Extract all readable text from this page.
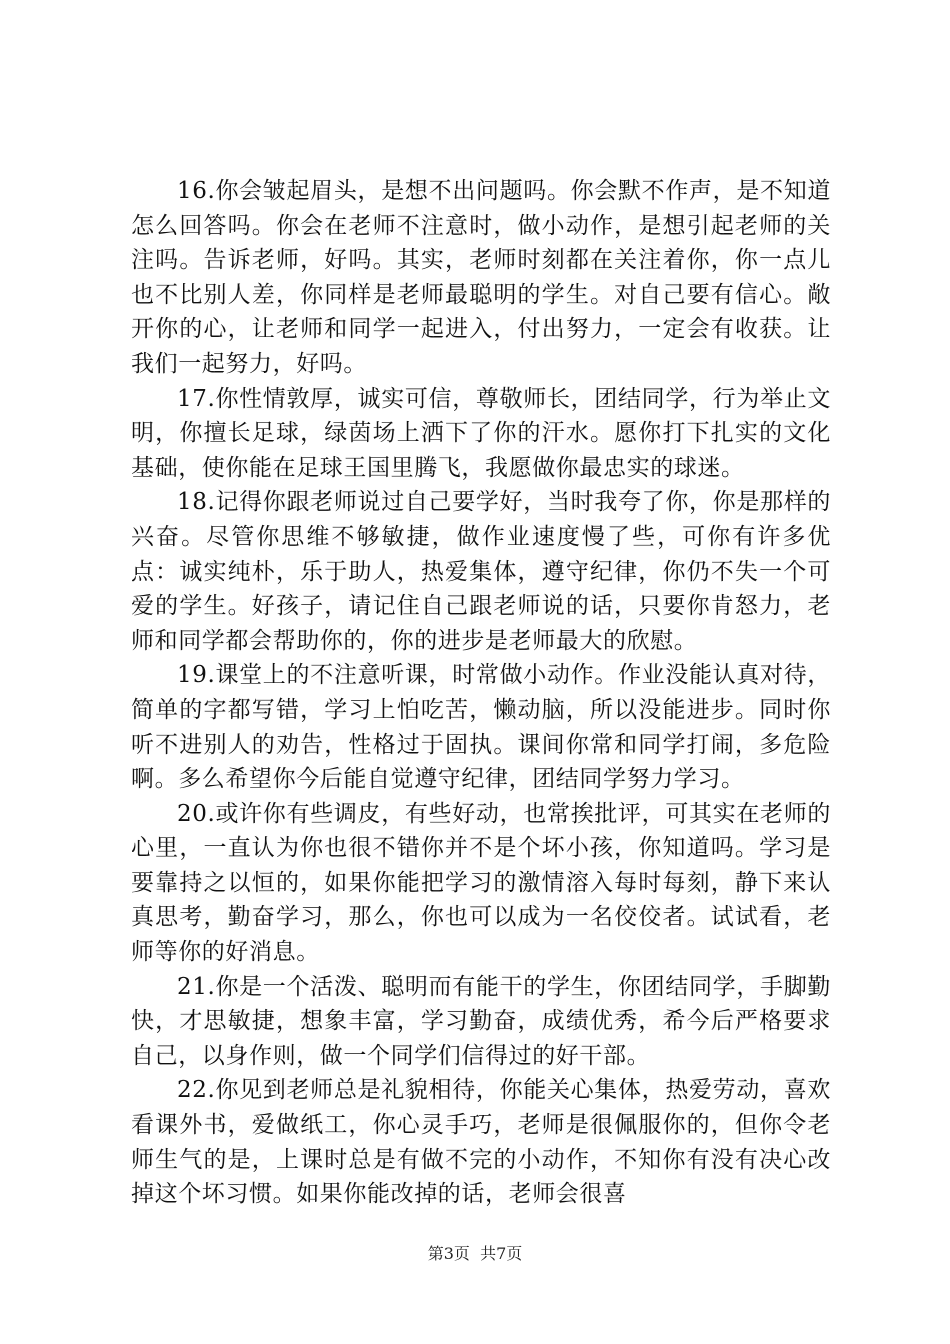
16.你会皱起眉头，是想不出问题吗。你会默不作声，是不知道怎么回答吗。你会在老师不注意时，做小动作，是想引起老师的关注吗。告诉老师，好吗。其实，老师时刻都在关注着你，你一点儿也不比别人差，你同样是老师最聪明的学生。对自己要有信心。敞开你的心，让老师和同学一起进入，付出努力，一定会有收获。让我们一起努力，好吗。

17.你性情敦厚，诚实可信，尊敬师长，团结同学，行为举止文明，你擅长足球，绿茵场上洒下了你的汗水。愿你打下扎实的文化基础，使你能在足球王国里腾飞，我愿做你最忠实的球迷。

18.记得你跟老师说过自己要学好，当时我夸了你，你是那样的兴奋。尽管你思维不够敏捷，做作业速度慢了些，可你有许多优点：诚实纯朴，乐于助人，热爱集体，遵守纪律，你仍不失一个可爱的学生。好孩子，请记住自己跟老师说的话，只要你肯怒力，老师和同学都会帮助你的，你的进步是老师最大的欣慰。

19.课堂上的不注意听课，时常做小动作。作业没能认真对待，简单的字都写错，学习上怕吃苦，懒动脑，所以没能进步。同时你听不进别人的劝告，性格过于固执。课间你常和同学打闹，多危险啊。多么希望你今后能自觉遵守纪律，团结同学努力学习。

20.或许你有些调皮，有些好动，也常挨批评，可其实在老师的心里，一直认为你也很不错你并不是个坏小孩，你知道吗。学习是要靠持之以恒的，如果你能把学习的激情溶入每时每刻，静下来认真思考，勤奋学习，那么，你也可以成为一名佼佼者。试试看，老师等你的好消息。

21.你是一个活泼、聪明而有能干的学生，你团结同学，手脚勤快，才思敏捷，想象丰富，学习勤奋，成绩优秀，希今后严格要求自己，以身作则，做一个同学们信得过的好干部。

22.你见到老师总是礼貌相待，你能关心集体，热爱劳动，喜欢看课外书，爱做纸工，你心灵手巧，老师是很佩服你的，但你令老师生气的是，上课时总是有做不完的小动作，不知你有没有决心改掉这个坏习惯。如果你能改掉的话，老师会很喜

第3页  共7页
